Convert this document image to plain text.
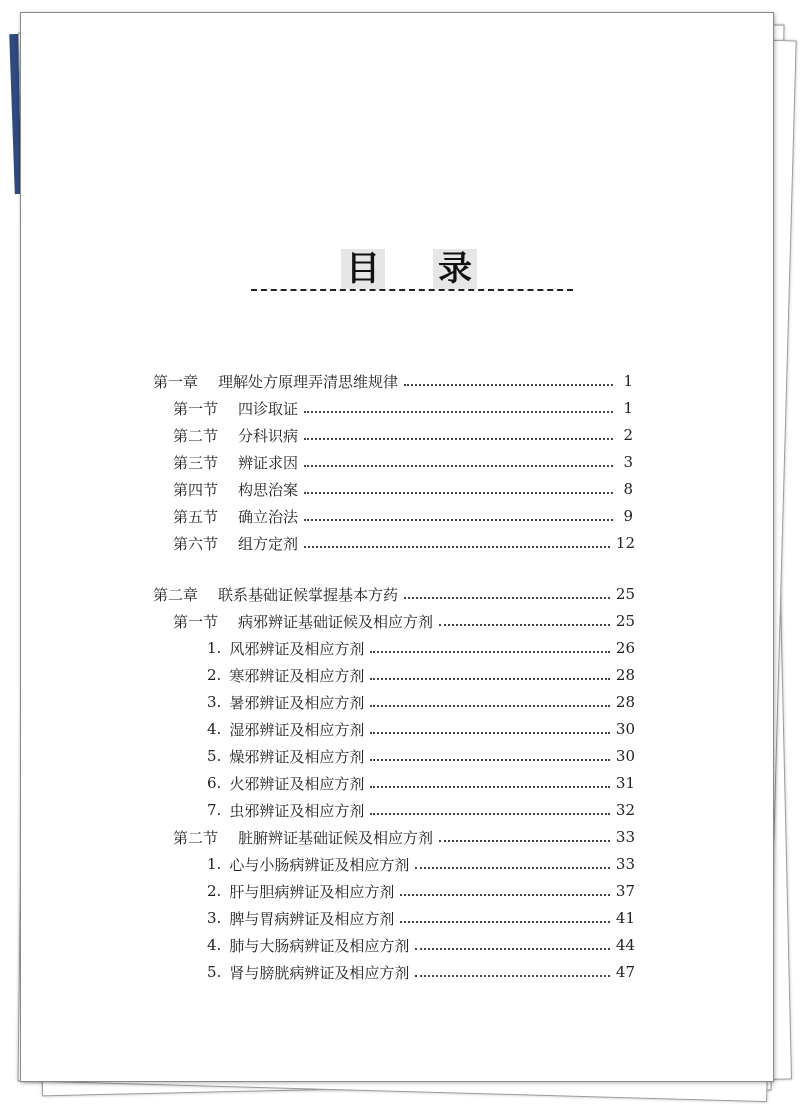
目 录
第一章 理解处方原理弄清思维规律	1
第一节 四诊取证	1
第二节 分科识病	2
第三节 辨证求因	3
第四节 构思治案	8
第五节 确立治法	9
第六节 组方定剂	12
第二章 联系基础证候掌握基本方药	25
第一节 病邪辨证基础证候及相应方剂	25
1. 风邪辨证及相应方剂	26
2. 寒邪辨证及相应方剂	28
3. 暑邪辨证及相应方剂	28
4. 湿邪辨证及相应方剂	30
5. 燥邪辨证及相应方剂	30
6. 火邪辨证及相应方剂	31
7. 虫邪辨证及相应方剂	32
第二节 脏腑辨证基础证候及相应方剂	33
1. 心与小肠病辨证及相应方剂	33
2. 肝与胆病辨证及相应方剂	37
3. 脾与胃病辨证及相应方剂	41
4. 肺与大肠病辨证及相应方剂	44
5. 肾与膀胱病辨证及相应方剂	47
